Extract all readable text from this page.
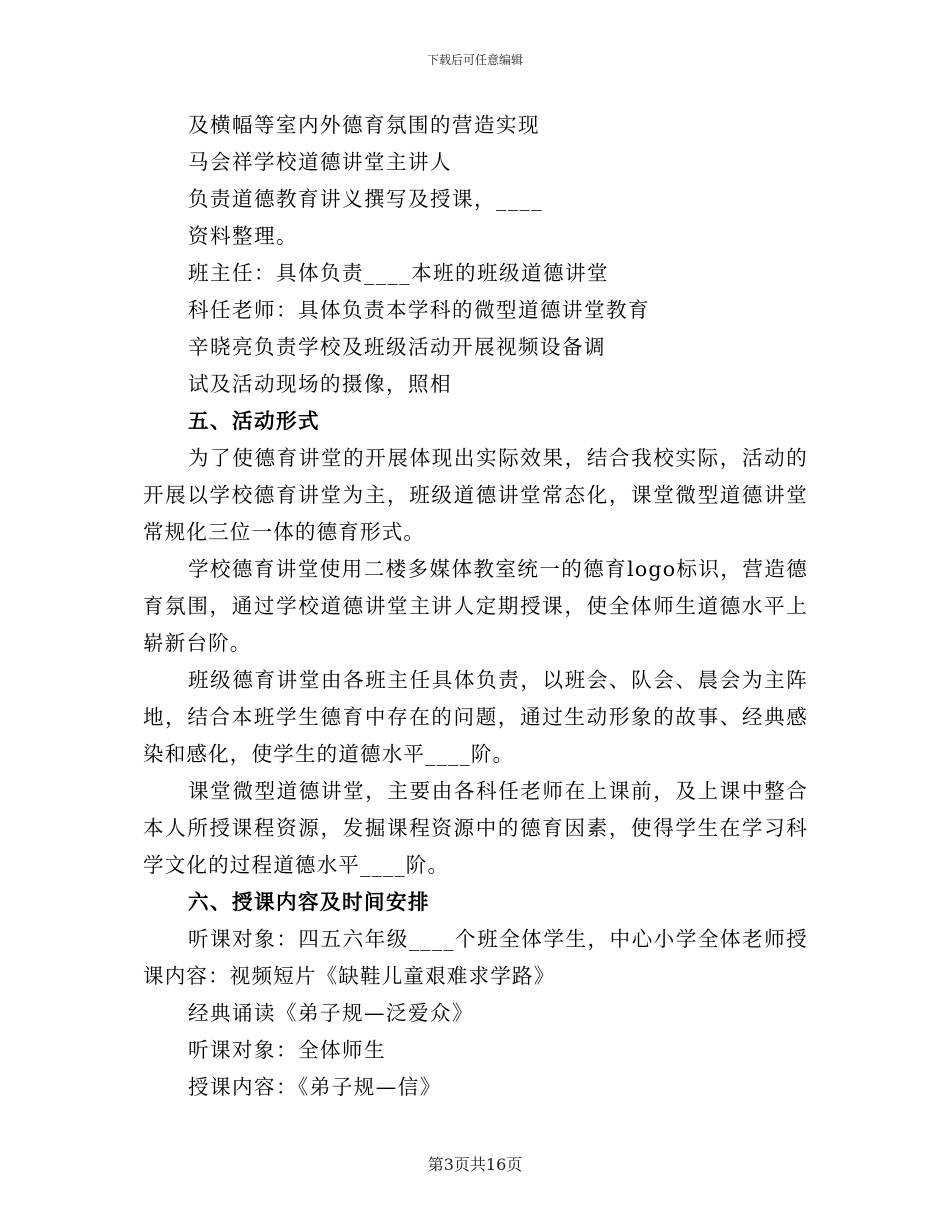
下载后可任意编辑
及横幅等室内外德育氛围的营造实现
马会祥学校道德讲堂主讲人
负责道德教育讲义撰写及授课，____
资料整理。
班主任：具体负责____本班的班级道德讲堂
科任老师：具体负责本学科的微型道德讲堂教育
辛晓亮负责学校及班级活动开展视频设备调
试及活动现场的摄像，照相
五、活动形式

为了使德育讲堂的开展体现出实际效果，结合我校实际，活动的开展以学校德育讲堂为主，班级道德讲堂常态化，课堂微型道德讲堂常规化三位一体的德育形式。

学校德育讲堂使用二楼多媒体教室统一的德育logo标识，营造德育氛围，通过学校道德讲堂主讲人定期授课，使全体师生道德水平上崭新台阶。

班级德育讲堂由各班主任具体负责，以班会、队会、晨会为主阵地，结合本班学生德育中存在的问题，通过生动形象的故事、经典感染和感化，使学生的道德水平____阶。

课堂微型道德讲堂，主要由各科任老师在上课前，及上课中整合本人所授课程资源，发掘课程资源中的德育因素，使得学生在学习科学文化的过程道德水平____阶。

六、授课内容及时间安排

听课对象：四五六年级____个班全体学生，中心小学全体老师授课内容：视频短片《缺鞋儿童艰难求学路》

经典诵读《弟子规—泛爱众》
听课对象：全体师生
授课内容：《弟子规—信》
第3页共16页
